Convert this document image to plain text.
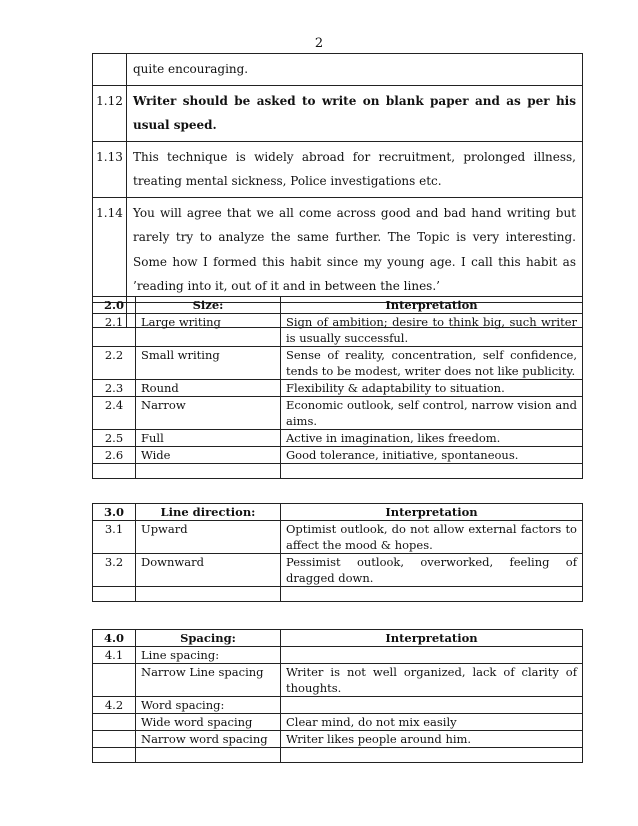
2
	quite encouraging.
1.12	Writer should be asked to write on blank paper and as per his usual speed.
1.13	This technique is widely abroad for recruitment, prolonged illness, treating mental sickness, Police investigations etc.
1.14	You will agree that we all come across good and bad hand writing but rarely try to analyze the same further. The Topic is very interesting. Some how I formed this habit since my young age. I call this habit as ’reading into it, out of it and in between the lines.’

2.0	Size:	Interpretation
2.1	Large writing	Sign of ambition; desire to think big, such writer is usually successful.
2.2	Small writing	Sense of reality, concentration, self confidence, tends to be modest, writer does not like publicity.
2.3	Round	Flexibility & adaptability to situation.
2.4	Narrow	Economic outlook, self control, narrow vision and aims.
2.5	Full	Active in imagination, likes freedom.
2.6	Wide	Good tolerance, initiative, spontaneous.

3.0	Line direction:	Interpretation
3.1	Upward	Optimist outlook, do not allow external factors to affect the mood & hopes.
3.2	Downward	Pessimist outlook, overworked, feeling of dragged down.

4.0	Spacing:	Interpretation
4.1	Line spacing:	
	Narrow Line spacing	Writer is not well organized, lack of clarity of thoughts.
4.2	Word spacing:	
	Wide word spacing	Clear mind, do not mix easily
	Narrow word spacing	Writer likes people around him.
